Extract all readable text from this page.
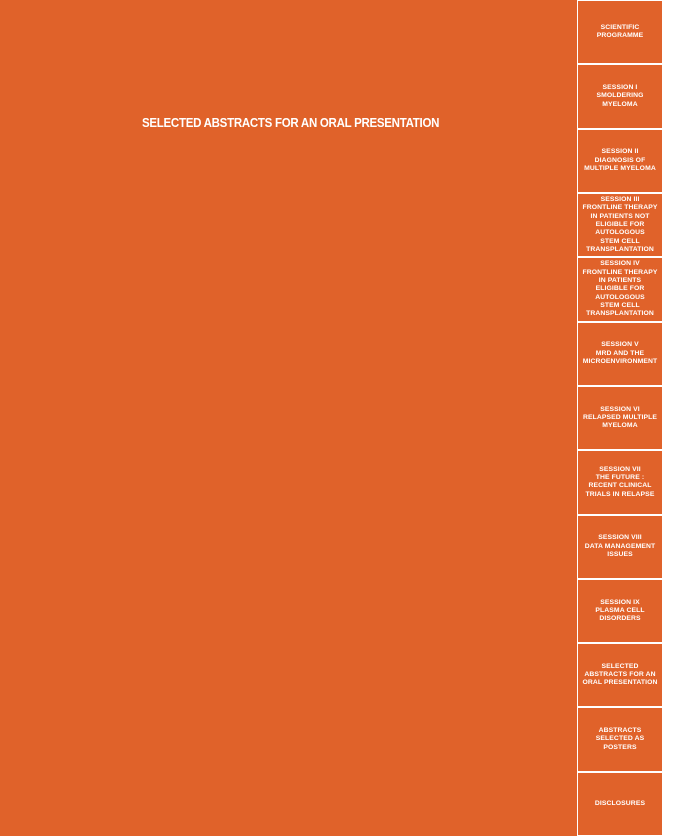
SELECTED ABSTRACTS FOR AN ORAL PRESENTATION
SCIENTIFIC
PROGRAMME
SESSION I
SMOLDERING
MYELOMA
SESSION II
DIAGNOSIS OF
MULTIPLE MYELOMA
SESSION III
FRONTLINE THERAPY
IN PATIENTS NOT
ELIGIBLE FOR
AUTOLOGOUS
STEM CELL
TRANSPLANTATION
SESSION IV
FRONTLINE THERAPY
IN PATIENTS
ELIGIBLE FOR
AUTOLOGOUS
STEM CELL
TRANSPLANTATION
SESSION V
MRD AND THE
MICROENVIRONMENT
SESSION VI
RELAPSED MULTIPLE
MYELOMA
SESSION VII
THE FUTURE :
RECENT CLINICAL
TRIALS IN RELAPSE
SESSION VIII
DATA MANAGEMENT
ISSUES
SESSION IX
PLASMA CELL
DISORDERS
SELECTED
ABSTRACTS FOR AN
ORAL PRESENTATION
ABSTRACTS
SELECTED AS
POSTERS
DISCLOSURES
